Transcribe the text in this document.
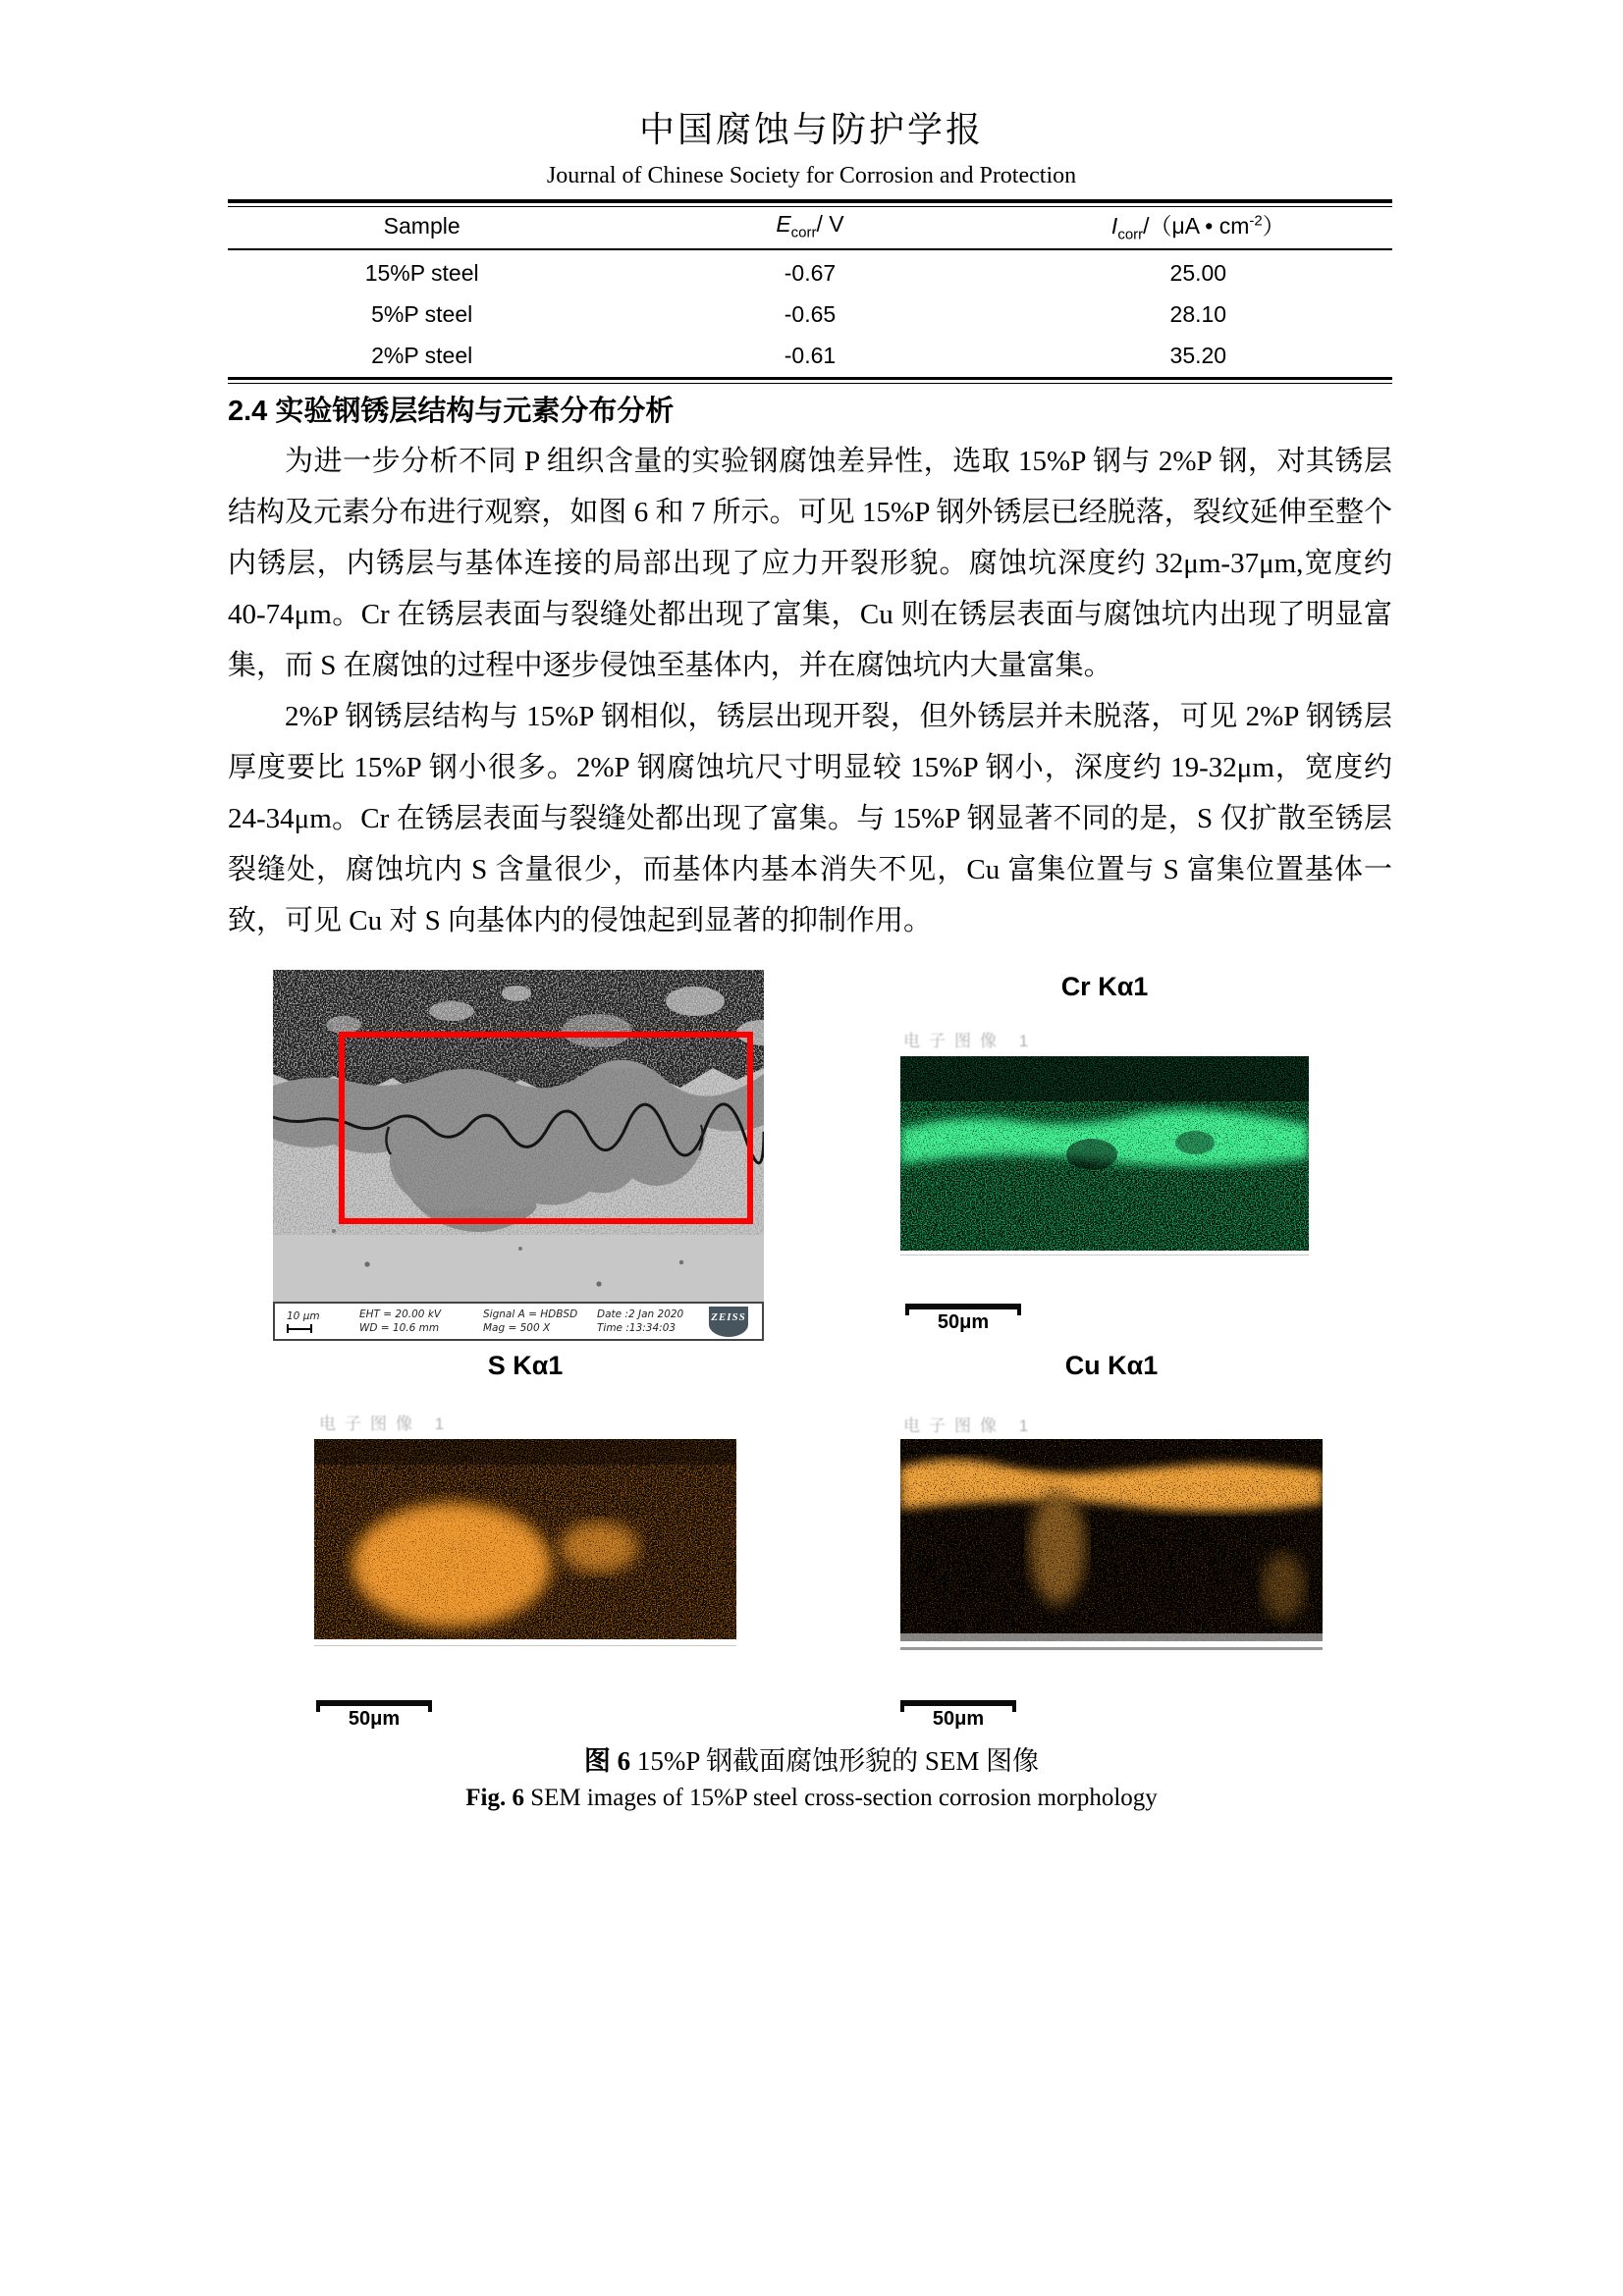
中国腐蚀与防护学报
Journal of Chinese Society for Corrosion and Protection
Sample	$E_{corr}/$ V	$I_{corr}/(\mu A$ • $cm^{-2}$）
15%P steel	-0.67	25.00
5%P steel	-0.65	28.10
2%P steel	-0.61	35.20
2.4 实验钢锈层结构与元素分布分析
为进一步分析不同 P 组织含量的实验钢腐蚀差异性，选取 15%P 钢与 2%P 钢，对其锈层结构及元素分布进行观察，如图 6 和 7 所示。可见 15%P 钢外锈层已经脱落，裂纹延伸至整个内锈层，内锈层与基体连接的局部出现了应力开裂形貌。腐蚀坑深度约 32μm-37μm,宽度约 40-74μm。Cr 在锈层表面与裂缝处都出现了富集，Cu 则在锈层表面与腐蚀坑内出现了明显富集，而 S 在腐蚀的过程中逐步侵蚀至基体内，并在腐蚀坑内大量富集。
2%P 钢锈层结构与 15%P 钢相似，锈层出现开裂，但外锈层并未脱落，可见 2%P 钢锈层厚度要比 15%P 钢小很多。2%P 钢腐蚀坑尺寸明显较 15%P 钢小，深度约 19-32μm，宽度约 24-34μm。Cr 在锈层表面与裂缝处都出现了富集。与 15%P 钢显著不同的是，S 仅扩散至锈层裂缝处，腐蚀坑内 S 含量很少，而基体内基本消失不见，Cu 富集位置与 S 富集位置基体一致，可见 Cu 对 S 向基体内的侵蚀起到显著的抑制作用。
10 μm	EHT = 20.00 kV
WD = 10.6 mm
Signal A = HDBSD
Mag = 500 X
Date :2 Jan 2020
Time :13:34:03
ZEISS
Cr Kα1
电子图像 1
50μm
S Kα1	Cu Kα1
电子图像 1	电子图像 1
50μm	50μm
图 6 15%P 钢截面腐蚀形貌的 SEM 图像
Fig. 6 SEM images of 15%P steel cross-section corrosion morphology
